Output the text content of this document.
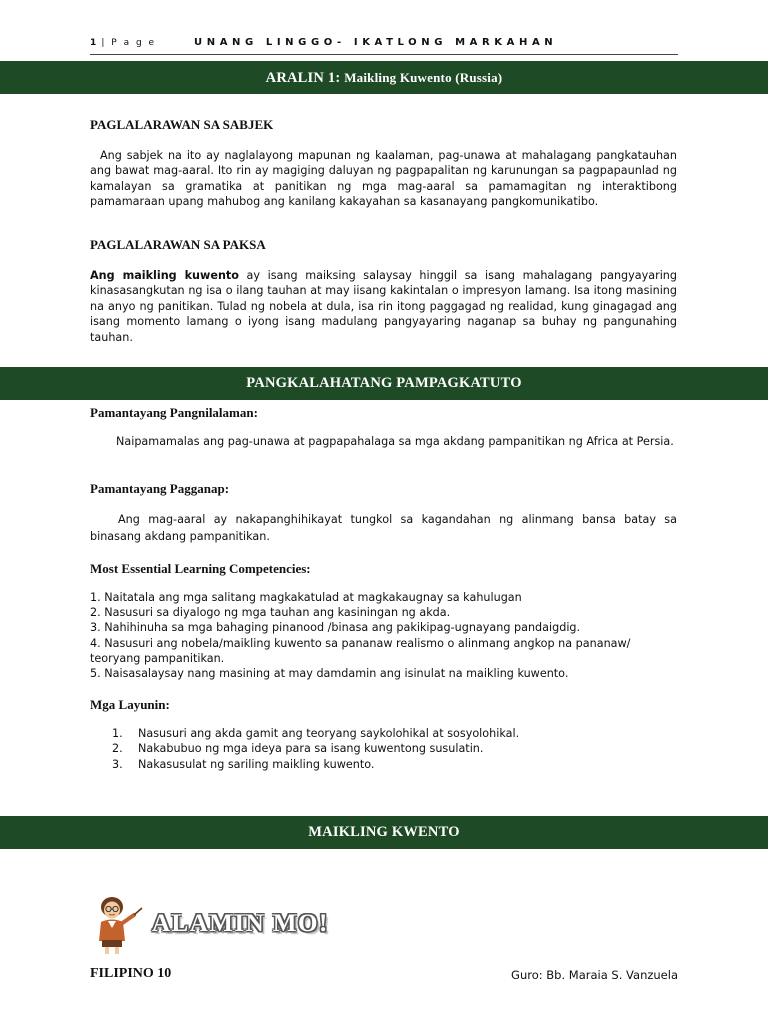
1 | P a g e	UNANG LINGGO- IKATLONG MARKAHAN
ARALIN 1: Maikling Kuwento (Russia)
PAGLALARAWAN SA SABJEK
Ang sabjek na ito ay naglalayong mapunan ng kaalaman, pag-unawa at mahalagang pangkatauhan ang bawat mag-aaral. Ito rin ay magiging daluyan ng pagpapalitan ng karunungan sa pagpapaunlad ng kamalayan sa gramatika at panitikan ng mga mag-aaral sa pamamagitan ng interaktibong pamamaraan upang mahubog ang kanilang kakayahan sa kasanayang pangkomunikatibo.
PAGLALARAWAN SA PAKSA
Ang maikling kuwento ay isang maiksing salaysay hinggil sa isang mahalagang pangyayaring kinasasangkutan ng isa o ilang tauhan at may iisang kakintalan o impresyon lamang. Isa itong masining na anyo ng panitikan. Tulad ng nobela at dula, isa rin itong paggagad ng realidad, kung ginagagad ang isang momento lamang o iyong isang madulang pangyayaring naganap sa buhay ng pangunahing tauhan.
PANGKALAHATANG PAMPAGKATUTO
Pamantayang Pangnilalaman:
Naipamamalas ang pag-unawa at pagpapahalaga sa mga akdang pampanitikan ng Africa at Persia.
Pamantayang Pagganap:
Ang mag-aaral ay nakapanghihikayat tungkol sa kagandahan ng alinmang bansa batay sa binasang akdang pampanitikan.
Most Essential Learning Competencies:
1. Naitatala ang mga salitang magkakatulad at magkakaugnay sa kahulugan
2. Nasusuri sa diyalogo ng mga tauhan ang kasiningan ng akda.
3. Nahihinuha sa mga bahaging pinanood /binasa ang pakikipag-ugnayang pandaigdig.
4. Nasusuri ang nobela/maikling kuwento sa pananaw realismo o alinmang angkop na pananaw/
teoryang pampanitikan.
5. Naisasalaysay nang masining at may damdamin ang isinulat na maikling kuwento.
Mga Layunin:
1. Nasusuri ang akda gamit ang teoryang saykolohikal at sosyolohikal.
2. Nakabubuo ng mga ideya para sa isang kuwentong susulatin.
3. Nakasusulat ng sariling maikling kuwento.
MAIKLING KWENTO
ALAMIN MO!
FILIPINO 10	Guro: Bb. Maraia S. Vanzuela
